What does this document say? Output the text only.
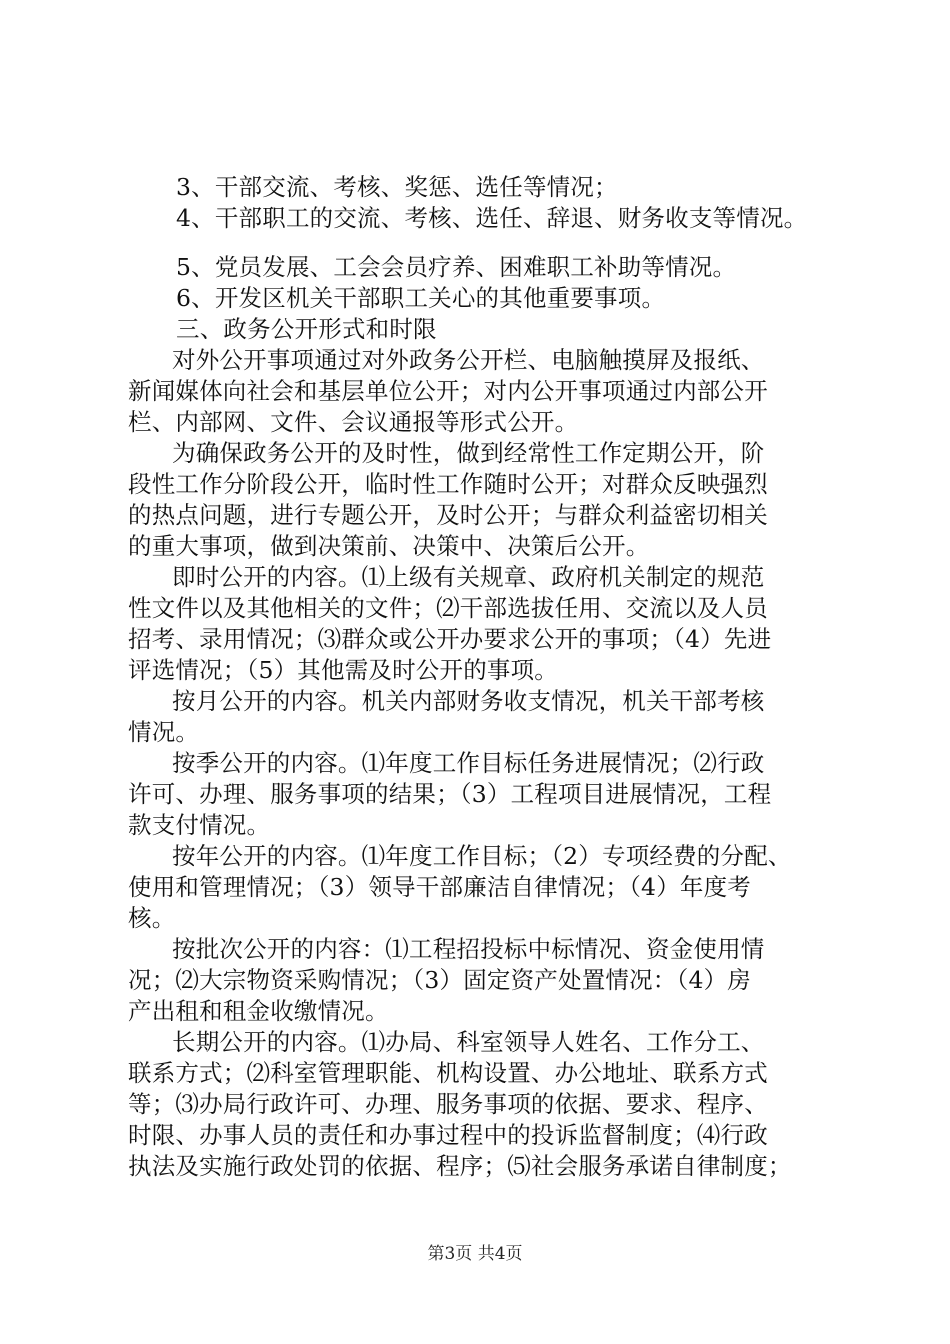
3、干部交流、考核、奖惩、选任等情况；

4、干部职工的交流、考核、选任、辞退、财务收支等情况。

5、党员发展、工会会员疗养、困难职工补助等情况。

6、开发区机关干部职工关心的其他重要事项。

三、政务公开形式和时限

对外公开事项通过对外政务公开栏、电脑触摸屏及报纸、
新闻媒体向社会和基层单位公开；对内公开事项通过内部公开
栏、内部网、文件、会议通报等形式公开。

为确保政务公开的及时性，做到经常性工作定期公开，阶
段性工作分阶段公开，临时性工作随时公开；对群众反映强烈
的热点问题，进行专题公开，及时公开；与群众利益密切相关
的重大事项，做到决策前、决策中、决策后公开。

即时公开的内容。⑴上级有关规章、政府机关制定的规范
性文件以及其他相关的文件；⑵干部选拔任用、交流以及人员
招考、录用情况；⑶群众或公开办要求公开的事项；（4）先进
评选情况；（5）其他需及时公开的事项。

按月公开的内容。机关内部财务收支情况，机关干部考核
情况。

按季公开的内容。⑴年度工作目标任务进展情况；⑵行政
许可、办理、服务事项的结果；（3）工程项目进展情况，工程
款支付情况。

按年公开的内容。⑴年度工作目标；（2）专项经费的分配、
使用和管理情况；（3）领导干部廉洁自律情况；（4）年度考
核。

按批次公开的内容：⑴工程招投标中标情况、资金使用情
况；⑵大宗物资采购情况；（3）固定资产处置情况：（4）房
产出租和租金收缴情况。

长期公开的内容。⑴办局、科室领导人姓名、工作分工、
联系方式；⑵科室管理职能、机构设置、办公地址、联系方式
等；⑶办局行政许可、办理、服务事项的依据、要求、程序、
时限、办事人员的责任和办事过程中的投诉监督制度；⑷行政
执法及实施行政处罚的依据、程序；⑸社会服务承诺自律制度；

第3页 共4页
